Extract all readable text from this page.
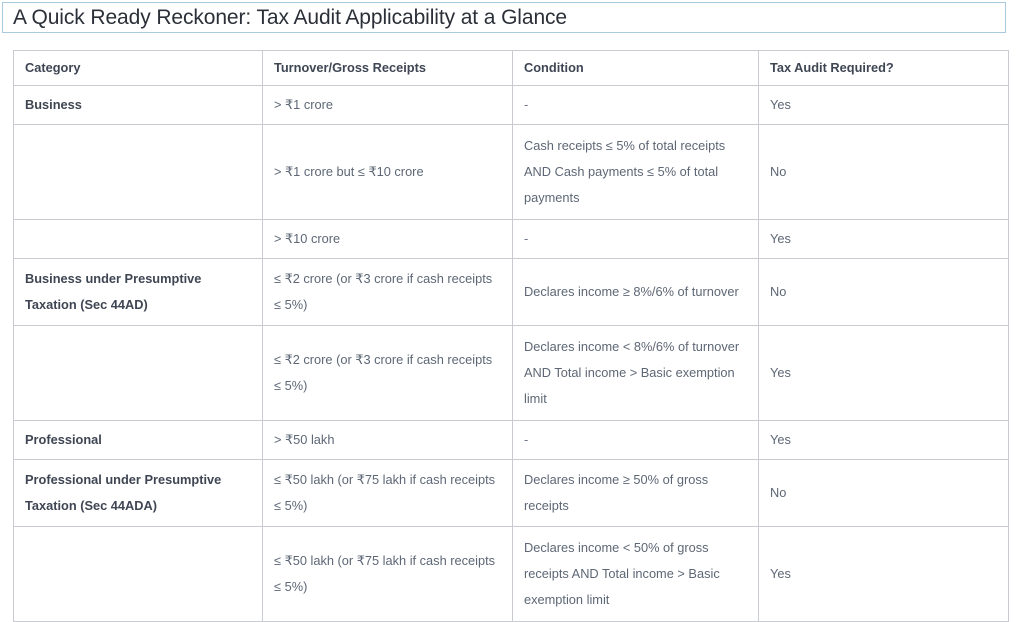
A Quick Ready Reckoner: Tax Audit Applicability at a Glance
Category	Turnover/Gross Receipts	Condition	Tax Audit Required?
Business	> ₹1 crore	-	Yes
	> ₹1 crore but ≤ ₹10 crore	Cash receipts ≤ 5% of total receipts AND Cash payments ≤ 5% of total payments	No
	> ₹10 crore	-	Yes
Business under Presumptive Taxation (Sec 44AD)	≤ ₹2 crore (or ₹3 crore if cash receipts ≤ 5%)	Declares income ≥ 8%/6% of turnover	No
	≤ ₹2 crore (or ₹3 crore if cash receipts ≤ 5%)	Declares income < 8%/6% of turnover AND Total income > Basic exemption limit	Yes
Professional	> ₹50 lakh	-	Yes
Professional under Presumptive Taxation (Sec 44ADA)	≤ ₹50 lakh (or ₹75 lakh if cash receipts ≤ 5%)	Declares income ≥ 50% of gross receipts	No
	≤ ₹50 lakh (or ₹75 lakh if cash receipts ≤ 5%)	Declares income < 50% of gross receipts AND Total income > Basic exemption limit	Yes
